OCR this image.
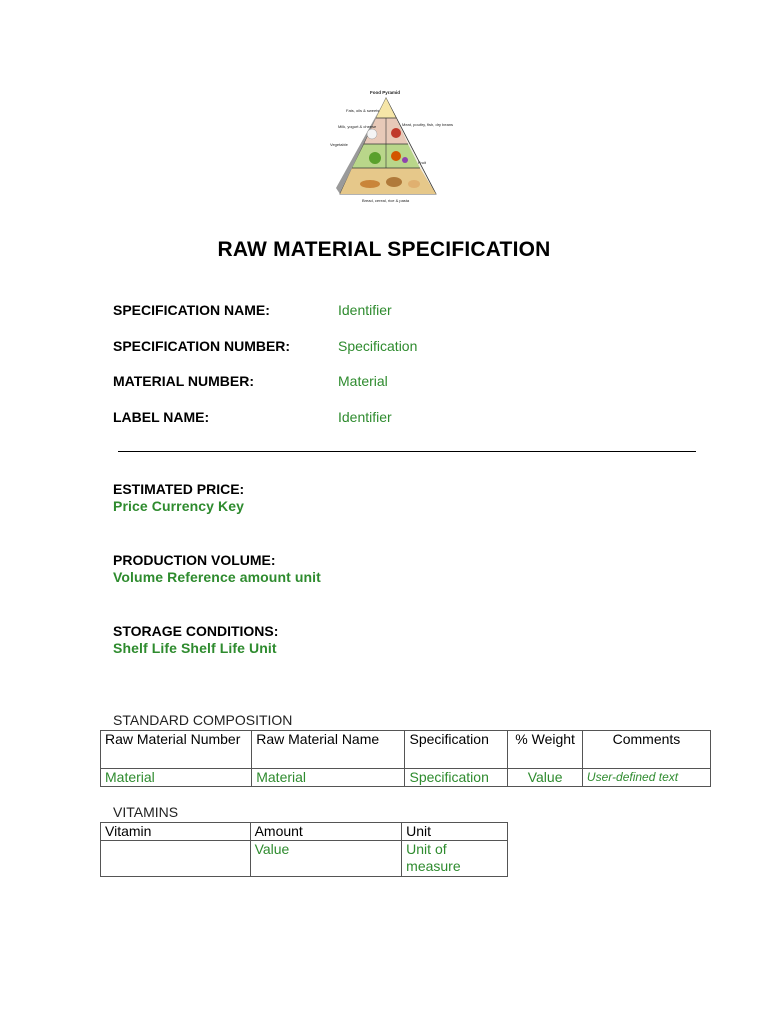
Food Pyramid
Fats, oils & sweets
Milk, yogurt & cheese	Meat, poultry, fish, dry beans
Vegetable
Fruit
Bread, cereal, rice & pasta
RAW MATERIAL SPECIFICATION
SPECIFICATION NAME:	Identifier
SPECIFICATION NUMBER:	Specification
MATERIAL NUMBER:	Material
LABEL NAME:	Identifier
ESTIMATED PRICE:
Price Currency Key
PRODUCTION VOLUME:
Volume Reference amount unit
STORAGE CONDITIONS:
Shelf Life Shelf Life Unit
STANDARD COMPOSITION
Raw Material Number	Raw Material Name	Specification	% Weight	Comments
Material	Material	Specification	Value	User-defined text
VITAMINS
Vitamin	Amount	Unit
	Value	Unit of measure
